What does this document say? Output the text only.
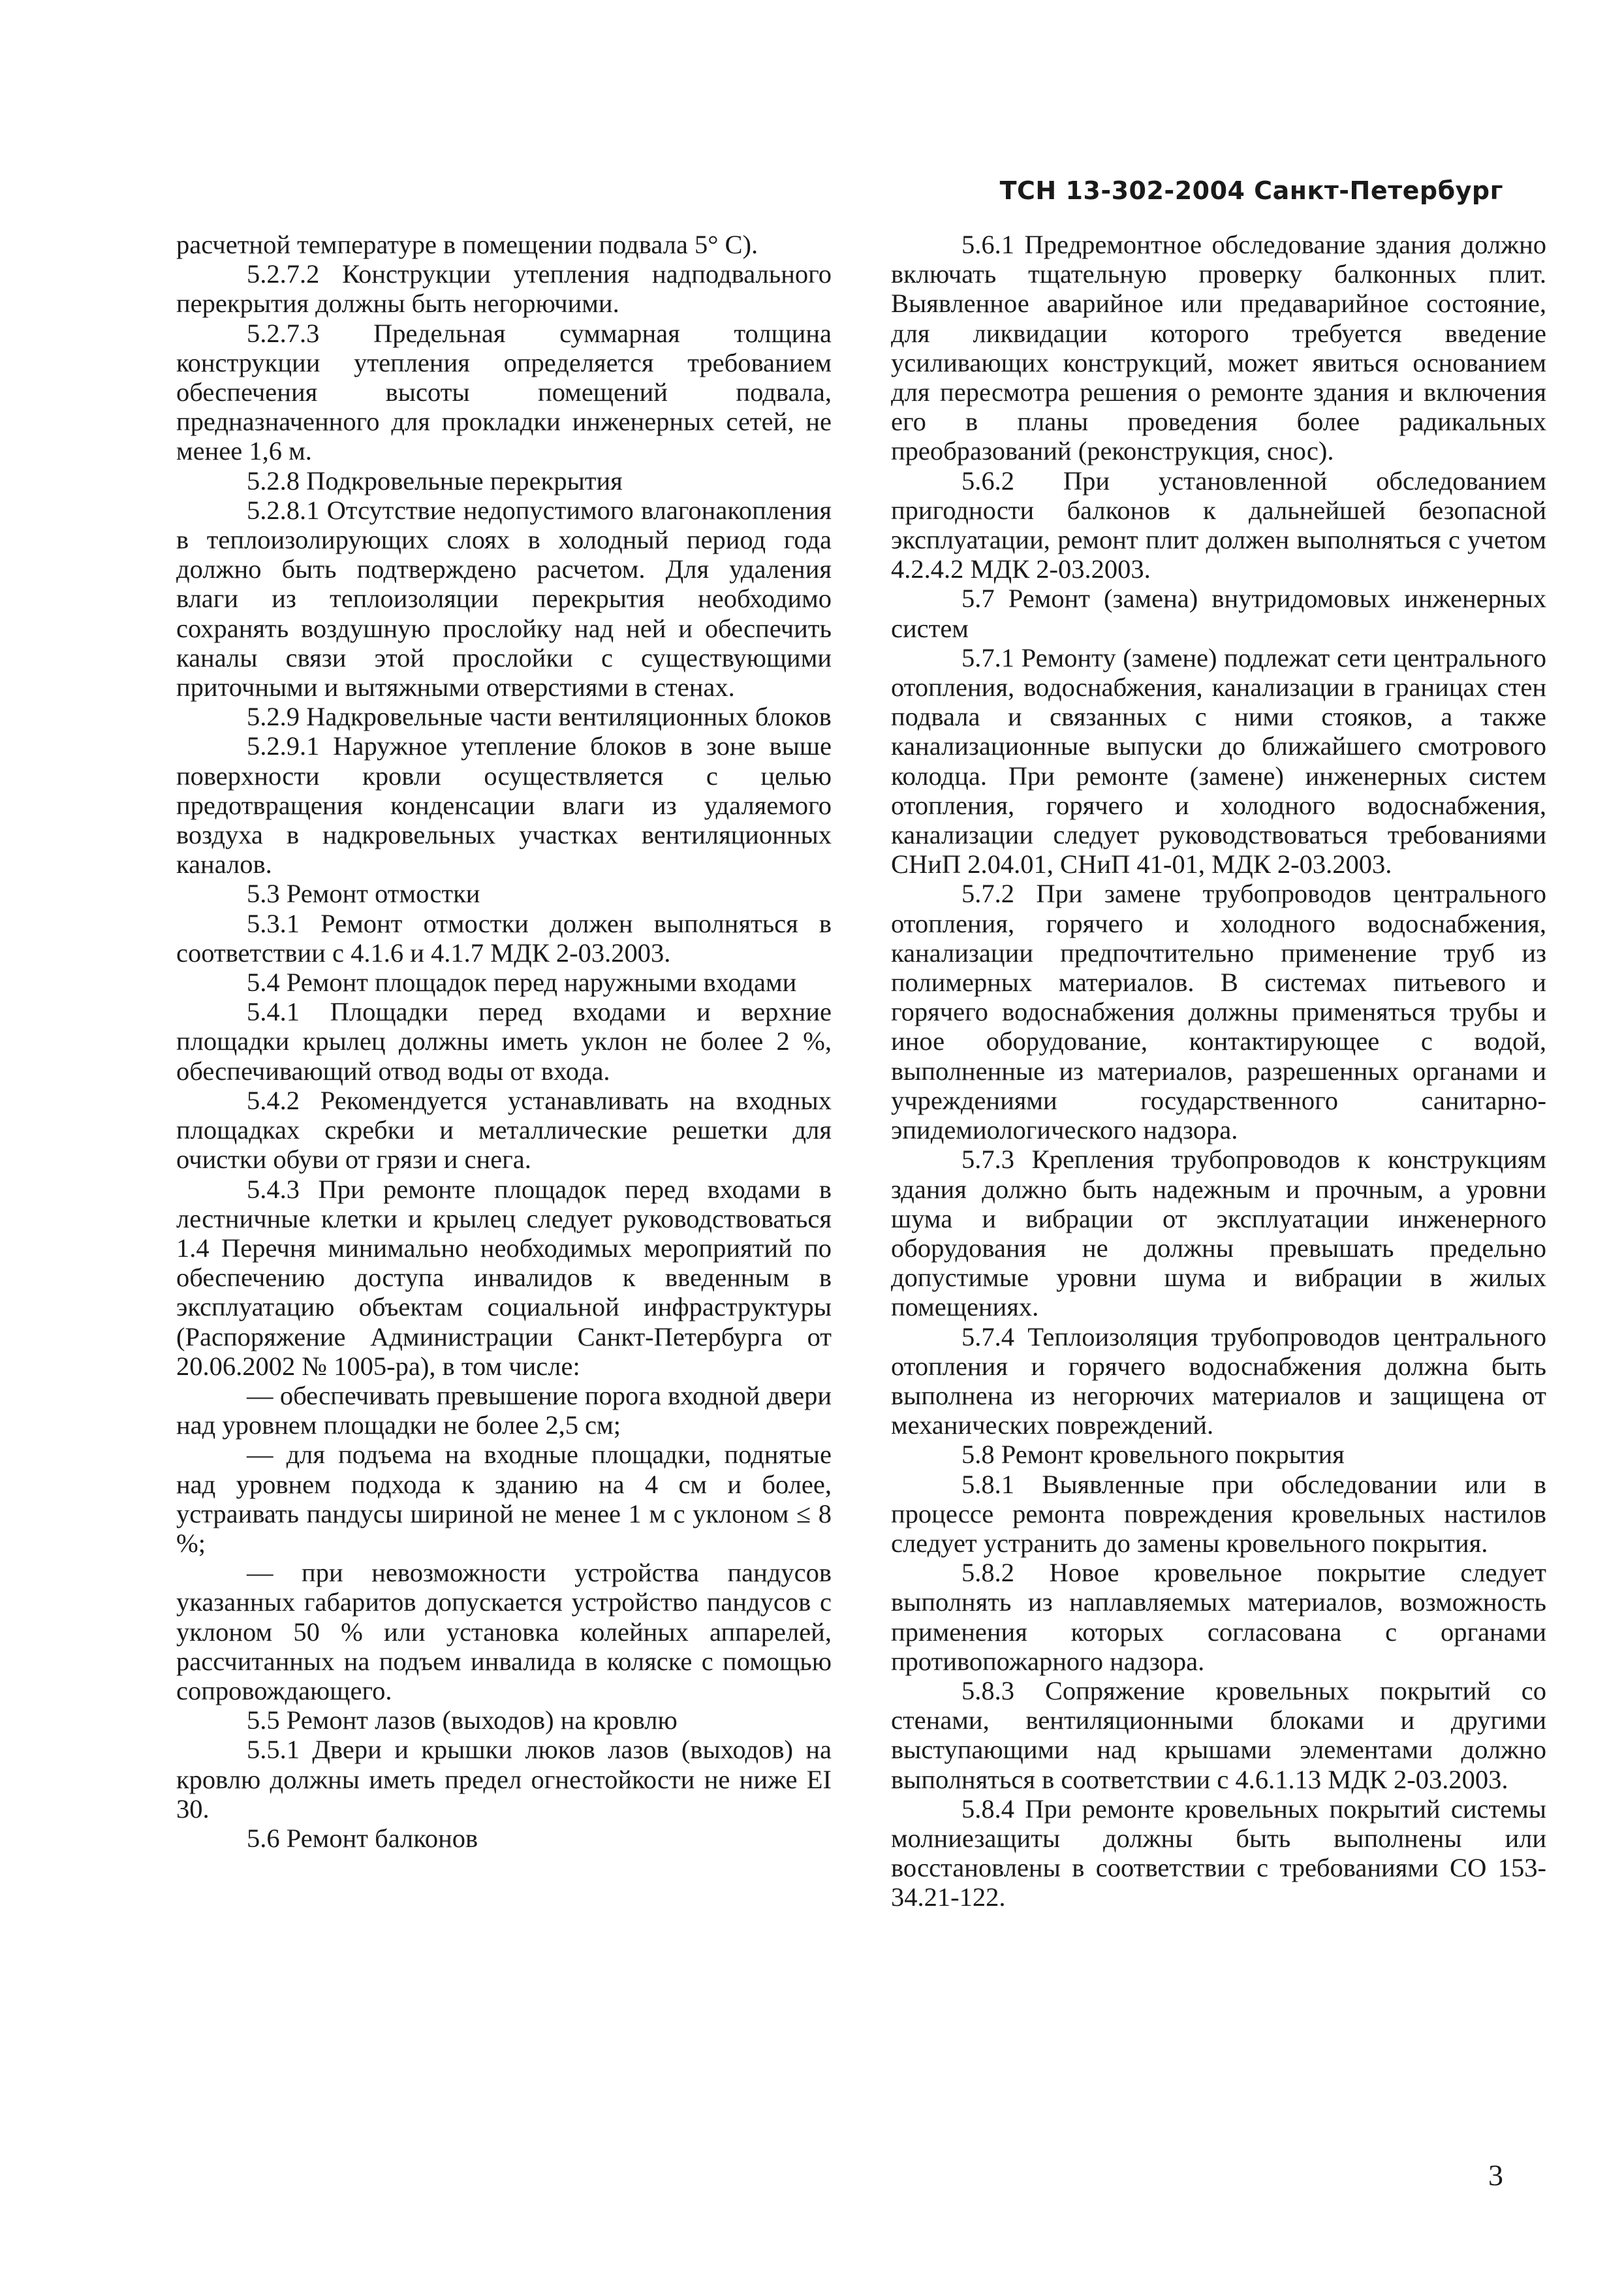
ТСН 13-302-2004 Санкт-Петербург

расчетной температуре в помещении подвала 5° С).

5.2.7.2 Конструкции утепления надподвального перекрытия должны быть негорючими.

5.2.7.3 Предельная суммарная толщина конструкции утепления определяется требованием обеспечения высоты помещений подвала, предназначенного для прокладки инженерных сетей, не менее 1,6 м.

5.2.8 Подкровельные перекрытия

5.2.8.1 Отсутствие недопустимого влагонакопления в теплоизолирующих слоях в холодный период года должно быть подтверждено расчетом. Для удаления влаги из теплоизоляции перекрытия необходимо сохранять воздушную прослойку над ней и обеспечить каналы связи этой прослойки с существующими приточными и вытяжными отверстиями в стенах.

5.2.9 Надкровельные части вентиляционных блоков

5.2.9.1 Наружное утепление блоков в зоне выше поверхности кровли осуществляется с целью предотвращения конденсации влаги из удаляемого воздуха в надкровельных участках вентиляционных каналов.

5.3 Ремонт отмостки

5.3.1 Ремонт отмостки должен выполняться в соответствии с 4.1.6 и 4.1.7 МДК 2-03.2003.

5.4 Ремонт площадок перед наружными входами

5.4.1 Площадки перед входами и верхние площадки крылец должны иметь уклон не более 2 %, обеспечивающий отвод воды от входа.

5.4.2 Рекомендуется устанавливать на входных площадках скребки и металлические решетки для очистки обуви от грязи и снега.

5.4.3 При ремонте площадок перед входами в лестничные клетки и крылец следует руководствоваться 1.4 Перечня минимально необходимых мероприятий по обеспечению доступа инвалидов к введенным в эксплуатацию объектам социальной инфраструктуры (Распоряжение Администрации Санкт-Петербурга от 20.06.2002 № 1005-ра), в том числе:

— обеспечивать превышение порога входной двери над уровнем площадки не более 2,5 см;

— для подъема на входные площадки, поднятые над уровнем подхода к зданию на 4 см и более, устраивать пандусы шириной не менее 1 м с уклоном ≤ 8 %;

— при невозможности устройства пандусов указанных габаритов допускается устройство пандусов с уклоном 50 % или установка колейных аппарелей, рассчитанных на подъем инвалида в коляске с помощью сопровождающего.

5.5 Ремонт лазов (выходов) на кровлю

5.5.1 Двери и крышки люков лазов (выходов) на кровлю должны иметь предел огнестойкости не ниже EI 30.

5.6 Ремонт балконов

5.6.1 Предремонтное обследование здания должно включать тщательную проверку балконных плит. Выявленное аварийное или предаварийное состояние, для ликвидации которого требуется введение усиливающих конструкций, может явиться основанием для пересмотра решения о ремонте здания и включения его в планы проведения более радикальных преобразований (реконструкция, снос).

5.6.2 При установленной обследованием пригодности балконов к дальнейшей безопасной эксплуатации, ремонт плит должен выполняться с учетом 4.2.4.2 МДК 2-03.2003.

5.7 Ремонт (замена) внутридомовых инженерных систем

5.7.1 Ремонту (замене) подлежат сети центрального отопления, водоснабжения, канализации в границах стен подвала и связанных с ними стояков, а также канализационные выпуски до ближайшего смотрового колодца. При ремонте (замене) инженерных систем отопления, горячего и холодного водоснабжения, канализации следует руководствоваться требованиями СНиП 2.04.01, СНиП 41-01, МДК 2-03.2003.

5.7.2 При замене трубопроводов центрального отопления, горячего и холодного водоснабжения, канализации предпочтительно применение труб из полимерных материалов. В системах питьевого и горячего водоснабжения должны применяться трубы и иное оборудование, контактирующее с водой, выполненные из материалов, разрешенных органами и учреждениями государственного санитарно-эпидемиологического надзора.

5.7.3 Крепления трубопроводов к конструкциям здания должно быть надежным и прочным, а уровни шума и вибрации от эксплуатации инженерного оборудования не должны превышать предельно допустимые уровни шума и вибрации в жилых помещениях.

5.7.4 Теплоизоляция трубопроводов центрального отопления и горячего водоснабжения должна быть выполнена из негорючих материалов и защищена от механических повреждений.

5.8 Ремонт кровельного покрытия

5.8.1 Выявленные при обследовании или в процессе ремонта повреждения кровельных настилов следует устранить до замены кровельного покрытия.

5.8.2 Новое кровельное покрытие следует выполнять из наплавляемых материалов, возможность применения которых согласована с органами противопожарного надзора.

5.8.3 Сопряжение кровельных покрытий со стенами, вентиляционными блоками и другими выступающими над крышами элементами должно выполняться в соответствии с 4.6.1.13 МДК 2-03.2003.

5.8.4 При ремонте кровельных покрытий системы молниезащиты должны быть выполнены или восстановлены в соответствии с требованиями СО 153-34.21-122.

3
